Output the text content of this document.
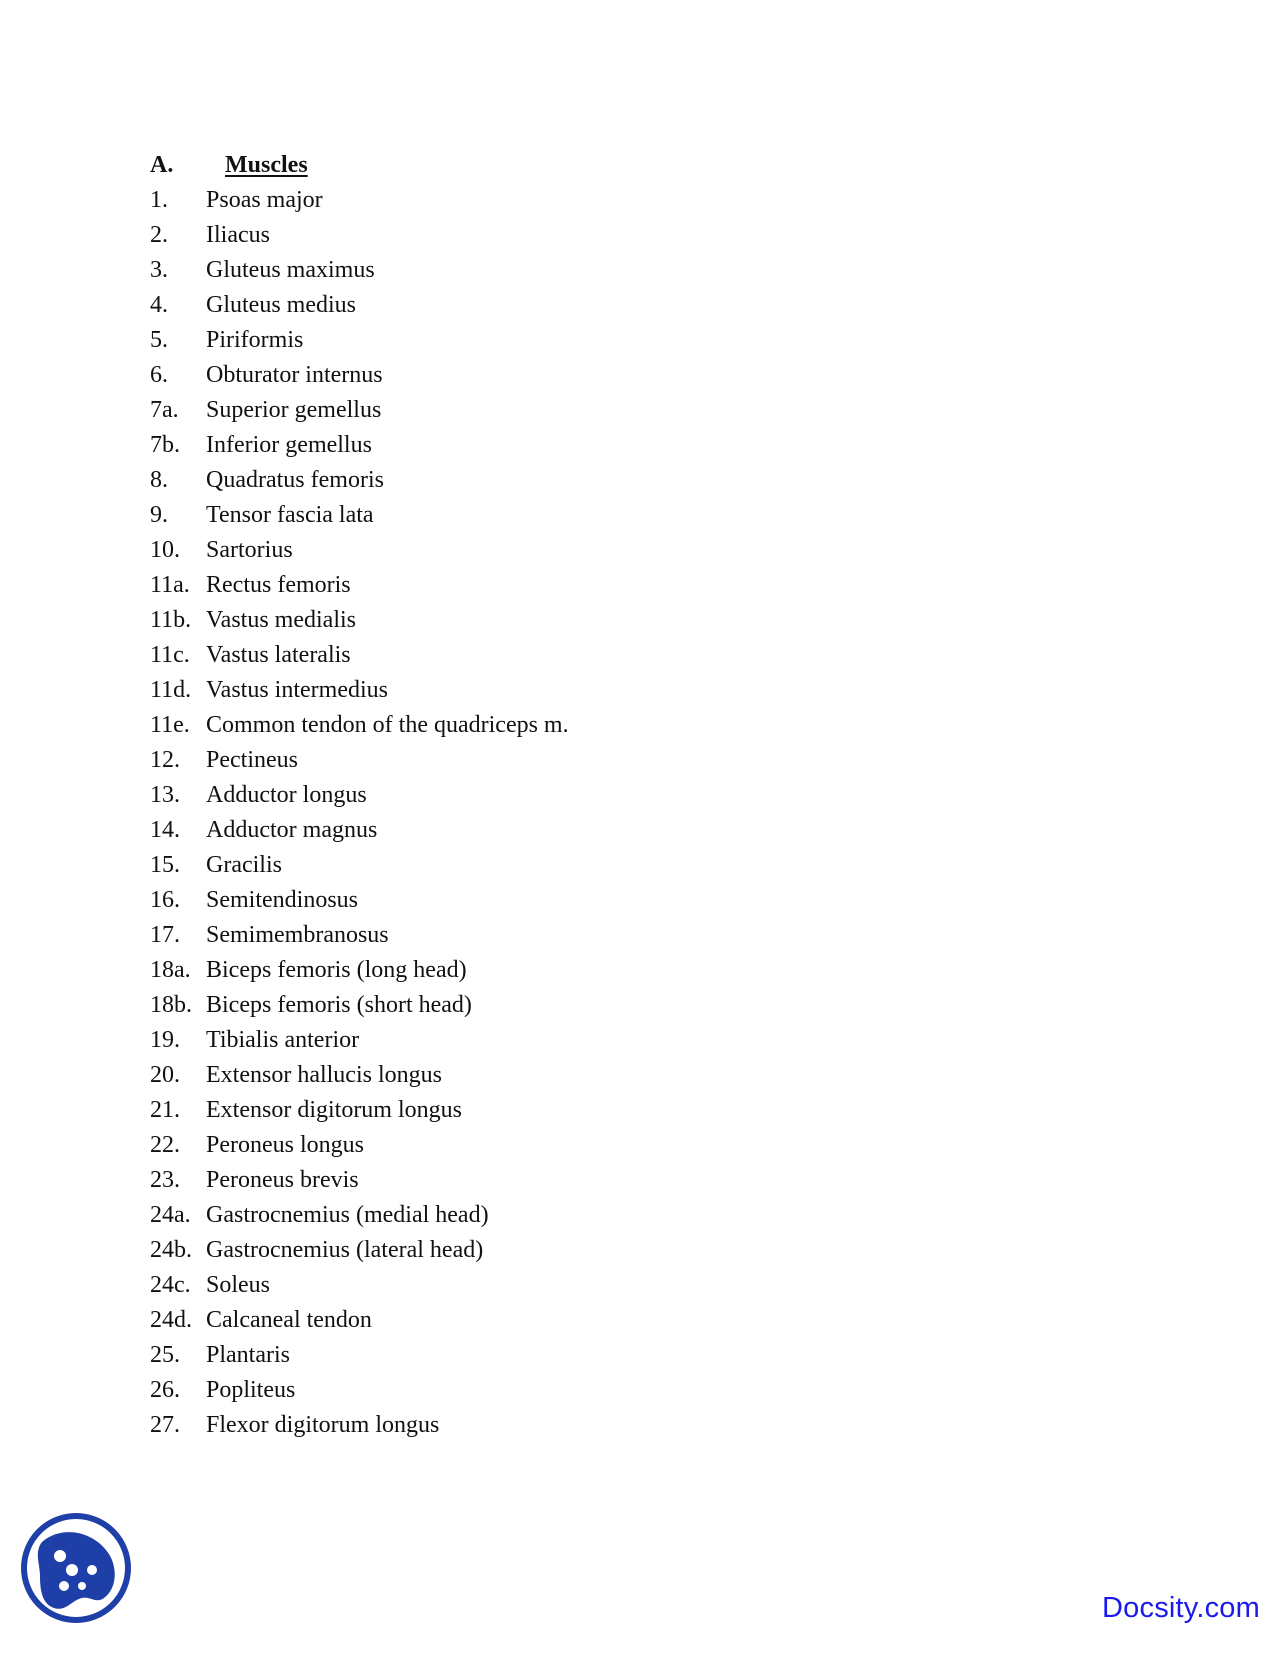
A. Muscles
1. Psoas major
2. Iliacus
3. Gluteus maximus
4. Gluteus medius
5. Piriformis
6. Obturator internus
7a. Superior gemellus
7b. Inferior gemellus
8. Quadratus femoris
9. Tensor fascia lata
10. Sartorius
11a. Rectus femoris
11b. Vastus medialis
11c. Vastus lateralis
11d. Vastus intermedius
11e. Common tendon of the quadriceps m.
12. Pectineus
13. Adductor longus
14. Adductor magnus
15. Gracilis
16. Semitendinosus
17. Semimembranosus
18a. Biceps femoris (long head)
18b. Biceps femoris (short head)
19. Tibialis anterior
20. Extensor hallucis longus
21. Extensor digitorum longus
22. Peroneus longus
23. Peroneus brevis
24a. Gastrocnemius (medial head)
24b. Gastrocnemius (lateral head)
24c. Soleus
24d. Calcaneal tendon
25. Plantaris
26. Popliteus
27. Flexor digitorum longus
Docsity.com
